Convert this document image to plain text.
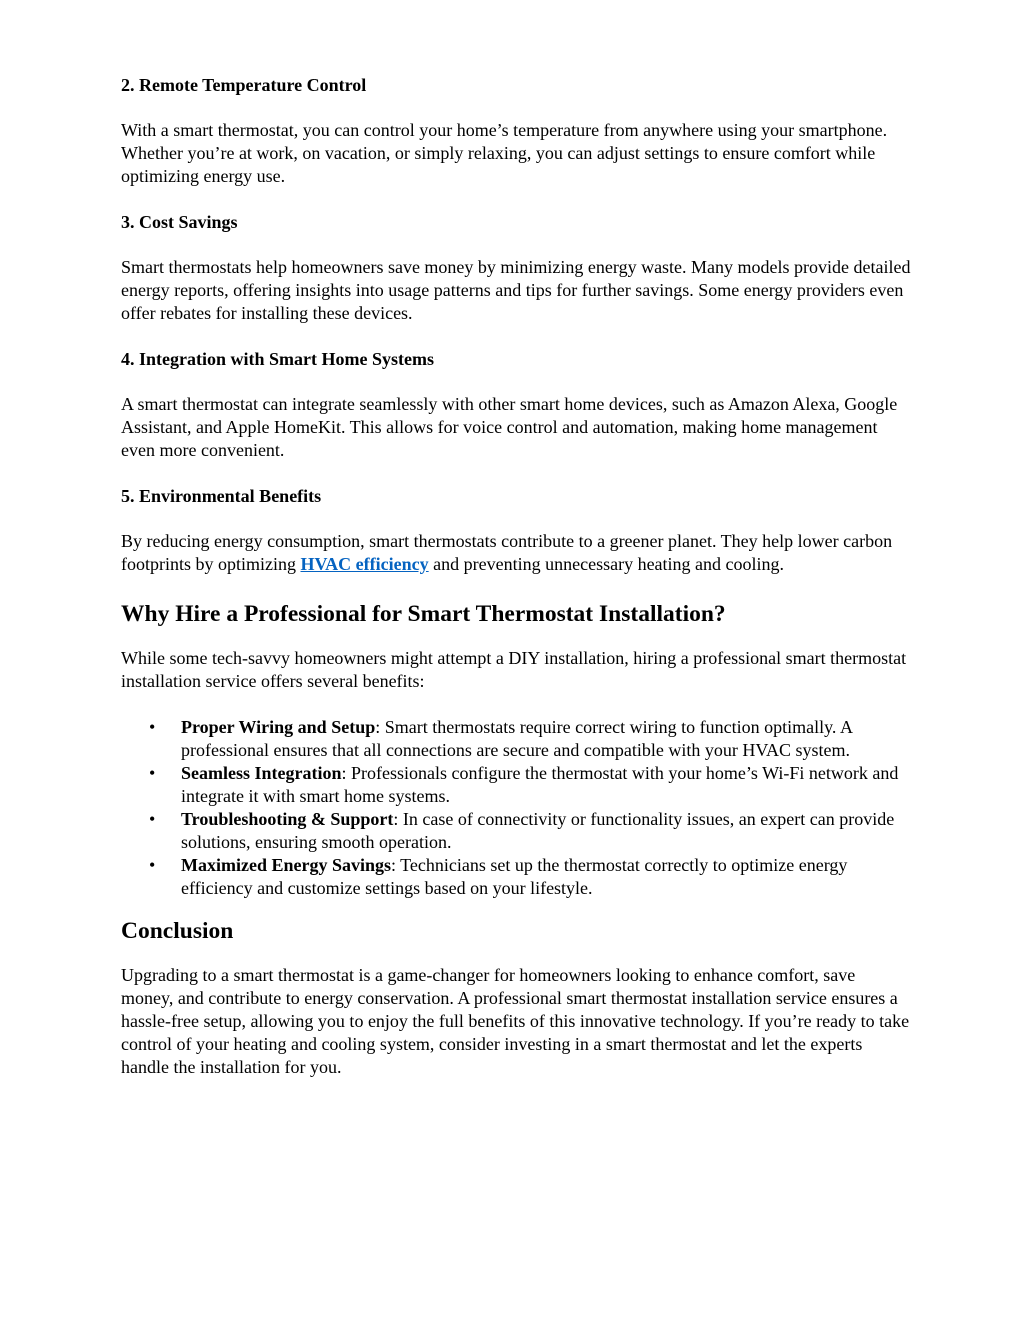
2. Remote Temperature Control

With a smart thermostat, you can control your home’s temperature from anywhere using your smartphone. Whether you’re at work, on vacation, or simply relaxing, you can adjust settings to ensure comfort while optimizing energy use.

3. Cost Savings

Smart thermostats help homeowners save money by minimizing energy waste. Many models provide detailed energy reports, offering insights into usage patterns and tips for further savings. Some energy providers even offer rebates for installing these devices.

4. Integration with Smart Home Systems

A smart thermostat can integrate seamlessly with other smart home devices, such as Amazon Alexa, Google Assistant, and Apple HomeKit. This allows for voice control and automation, making home management even more convenient.

5. Environmental Benefits

By reducing energy consumption, smart thermostats contribute to a greener planet. They help lower carbon footprints by optimizing HVAC efficiency and preventing unnecessary heating and cooling.

Why Hire a Professional for Smart Thermostat Installation?

While some tech-savvy homeowners might attempt a DIY installation, hiring a professional smart thermostat installation service offers several benefits:

• Proper Wiring and Setup: Smart thermostats require correct wiring to function optimally. A professional ensures that all connections are secure and compatible with your HVAC system.
• Seamless Integration: Professionals configure the thermostat with your home’s Wi-Fi network and integrate it with smart home systems.
• Troubleshooting & Support: In case of connectivity or functionality issues, an expert can provide solutions, ensuring smooth operation.
• Maximized Energy Savings: Technicians set up the thermostat correctly to optimize energy efficiency and customize settings based on your lifestyle.
Conclusion

Upgrading to a smart thermostat is a game-changer for homeowners looking to enhance comfort, save money, and contribute to energy conservation. A professional smart thermostat installation service ensures a hassle-free setup, allowing you to enjoy the full benefits of this innovative technology. If you’re ready to take control of your heating and cooling system, consider investing in a smart thermostat and let the experts handle the installation for you.
